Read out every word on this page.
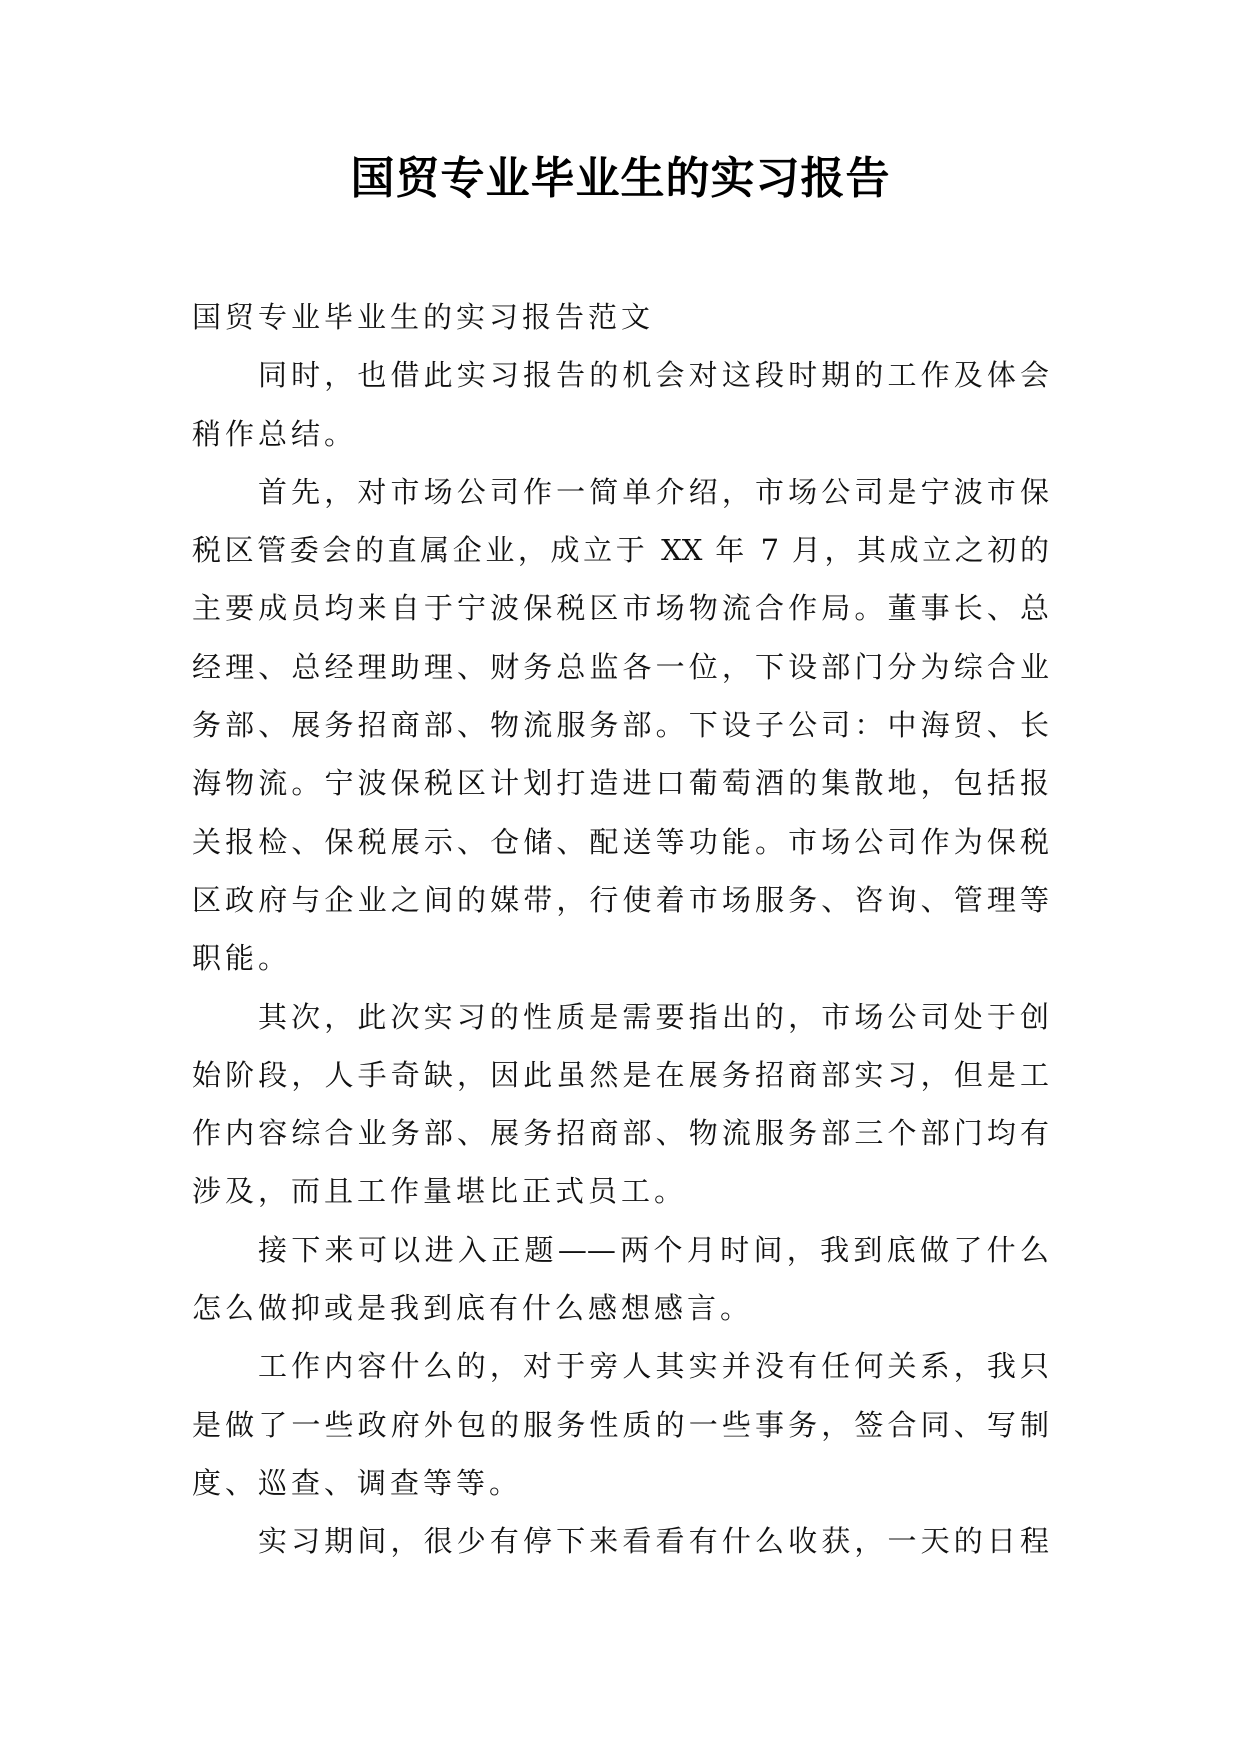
国贸专业毕业生的实习报告
国贸专业毕业生的实习报告范文
同时，也借此实习报告的机会对这段时期的工作及体会
稍作总结。
首先，对市场公司作一简单介绍，市场公司是宁波市保
税区管委会的直属企业，成立于 XX 年 7 月，其成立之初的
主要成员均来自于宁波保税区市场物流合作局。董事长、总
经理、总经理助理、财务总监各一位，下设部门分为综合业
务部、展务招商部、物流服务部。下设子公司：中海贸、长
海物流。宁波保税区计划打造进口葡萄酒的集散地，包括报
关报检、保税展示、仓储、配送等功能。市场公司作为保税
区政府与企业之间的媒带，行使着市场服务、咨询、管理等
职能。
其次，此次实习的性质是需要指出的，市场公司处于创
始阶段，人手奇缺，因此虽然是在展务招商部实习，但是工
作内容综合业务部、展务招商部、物流服务部三个部门均有
涉及，而且工作量堪比正式员工。
接下来可以进入正题——两个月时间，我到底做了什么
怎么做抑或是我到底有什么感想感言。
工作内容什么的，对于旁人其实并没有任何关系，我只
是做了一些政府外包的服务性质的一些事务，签合同、写制
度、巡查、调查等等。
实习期间，很少有停下来看看有什么收获，一天的日程
